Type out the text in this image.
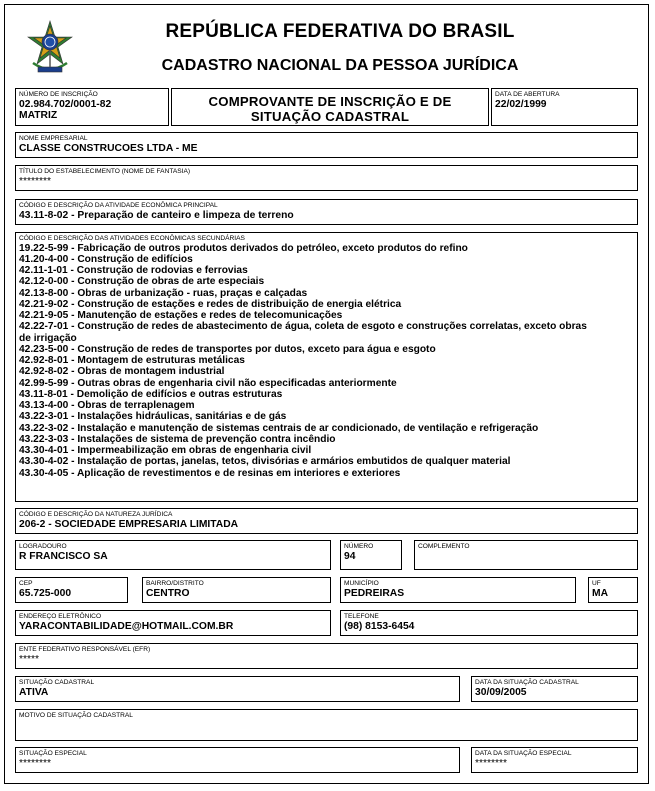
REPÚBLICA FEDERATIVA DO BRASIL
CADASTRO NACIONAL DA PESSOA JURÍDICA
NÚMERO DE INSCRIÇÃO
02.984.702/0001-82
MATRIZ
COMPROVANTE DE INSCRIÇÃO E DE
SITUAÇÃO CADASTRAL
DATA DE ABERTURA
22/02/1999
NOME EMPRESARIAL
CLASSE CONSTRUCOES LTDA - ME
TÍTULO DO ESTABELECIMENTO (NOME DE FANTASIA)
********
CÓDIGO E DESCRIÇÃO DA ATIVIDADE ECONÔMICA PRINCIPAL
43.11-8-02 - Preparação de canteiro e limpeza de terreno
CÓDIGO E DESCRIÇÃO DAS ATIVIDADES ECONÔMICAS SECUNDÁRIAS
19.22-5-99 - Fabricação de outros produtos derivados do petróleo, exceto produtos do refino
41.20-4-00 - Construção de edifícios
42.11-1-01 - Construção de rodovias e ferrovias
42.12-0-00 - Construção de obras de arte especiais
42.13-8-00 - Obras de urbanização - ruas, praças e calçadas
42.21-9-02 - Construção de estações e redes de distribuição de energia elétrica
42.21-9-05 - Manutenção de estações e redes de telecomunicações
42.22-7-01 - Construção de redes de abastecimento de água, coleta de esgoto e construções correlatas, exceto obras
de irrigação
42.23-5-00 - Construção de redes de transportes por dutos, exceto para água e esgoto
42.92-8-01 - Montagem de estruturas metálicas
42.92-8-02 - Obras de montagem industrial
42.99-5-99 - Outras obras de engenharia civil não especificadas anteriormente
43.11-8-01 - Demolição de edifícios e outras estruturas
43.13-4-00 - Obras de terraplenagem
43.22-3-01 - Instalações hidráulicas, sanitárias e de gás
43.22-3-02 - Instalação e manutenção de sistemas centrais de ar condicionado, de ventilação e refrigeração
43.22-3-03 - Instalações de sistema de prevenção contra incêndio
43.30-4-01 - Impermeabilização em obras de engenharia civil
43.30-4-02 - Instalação de portas, janelas, tetos, divisórias e armários embutidos de qualquer material
43.30-4-05 - Aplicação de revestimentos e de resinas em interiores e exteriores
CÓDIGO E DESCRIÇÃO DA NATUREZA JURÍDICA
206-2 - SOCIEDADE EMPRESARIA LIMITADA
LOGRADOURO
R FRANCISCO SA
NÚMERO
94
COMPLEMENTO
CEP
65.725-000
BAIRRO/DISTRITO
CENTRO
MUNICÍPIO
PEDREIRAS
UF
MA
ENDEREÇO ELETRÔNICO
YARACONTABILIDADE@HOTMAIL.COM.BR
TELEFONE
(98) 8153-6454
ENTE FEDERATIVO RESPONSÁVEL (EFR)
*****
SITUAÇÃO CADASTRAL
ATIVA
DATA DA SITUAÇÃO CADASTRAL
30/09/2005
MOTIVO DE SITUAÇÃO CADASTRAL
SITUAÇÃO ESPECIAL
********
DATA DA SITUAÇÃO ESPECIAL
********
